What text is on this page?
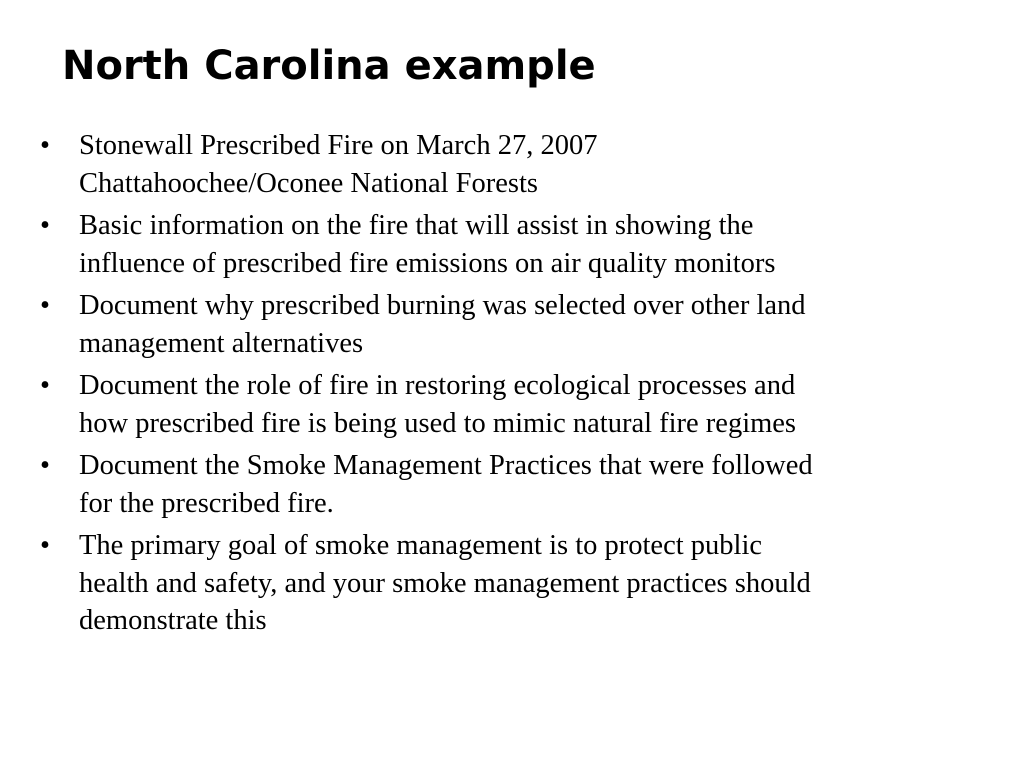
North Carolina example
•	Stonewall Prescribed Fire on March 27, 2007
Chattahoochee/Oconee National Forests
•	Basic information on the fire that will assist in showing the
influence of prescribed fire emissions on air quality monitors
•	Document why prescribed burning was selected over other land
management alternatives
•	Document the role of fire in restoring ecological processes and
how prescribed fire is being used to mimic natural fire regimes
•	Document the Smoke Management Practices that were followed
for the prescribed fire.
•	The primary goal of smoke management is to protect public
health and safety, and your smoke management practices should
demonstrate this
